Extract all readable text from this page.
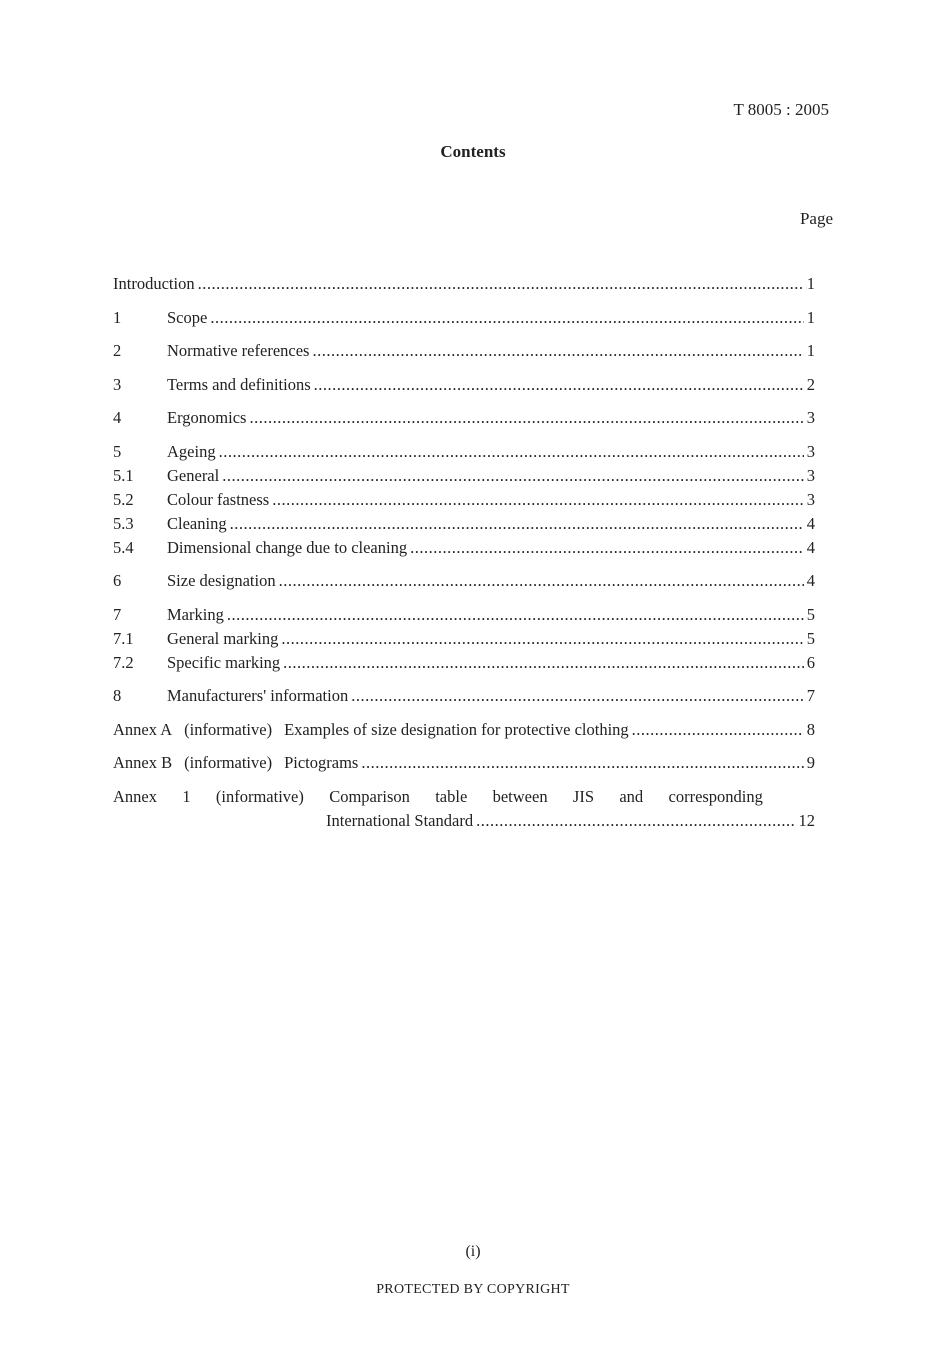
T 8005 : 2005
Contents
Page
Introduction .....	1
1	Scope .....	1
2	Normative references .....	1
3	Terms and definitions .....	2
4	Ergonomics .....	3
5	Ageing .....	3
5.1	General .....	3
5.2	Colour fastness .....	3
5.3	Cleaning .....	4
5.4	Dimensional change due to cleaning .....	4
6	Size designation .....	4
7	Marking .....	5
7.1	General marking .....	5
7.2	Specific marking .....	6
8	Manufacturers' information .....	7
Annex A (informative) Examples of size designation for protective clothing .....	8
Annex B (informative) Pictograms .....	9
Annex 1 (informative) Comparison table between JIS and corresponding
International Standard .....	12
(i)
PROTECTED BY COPYRIGHT
